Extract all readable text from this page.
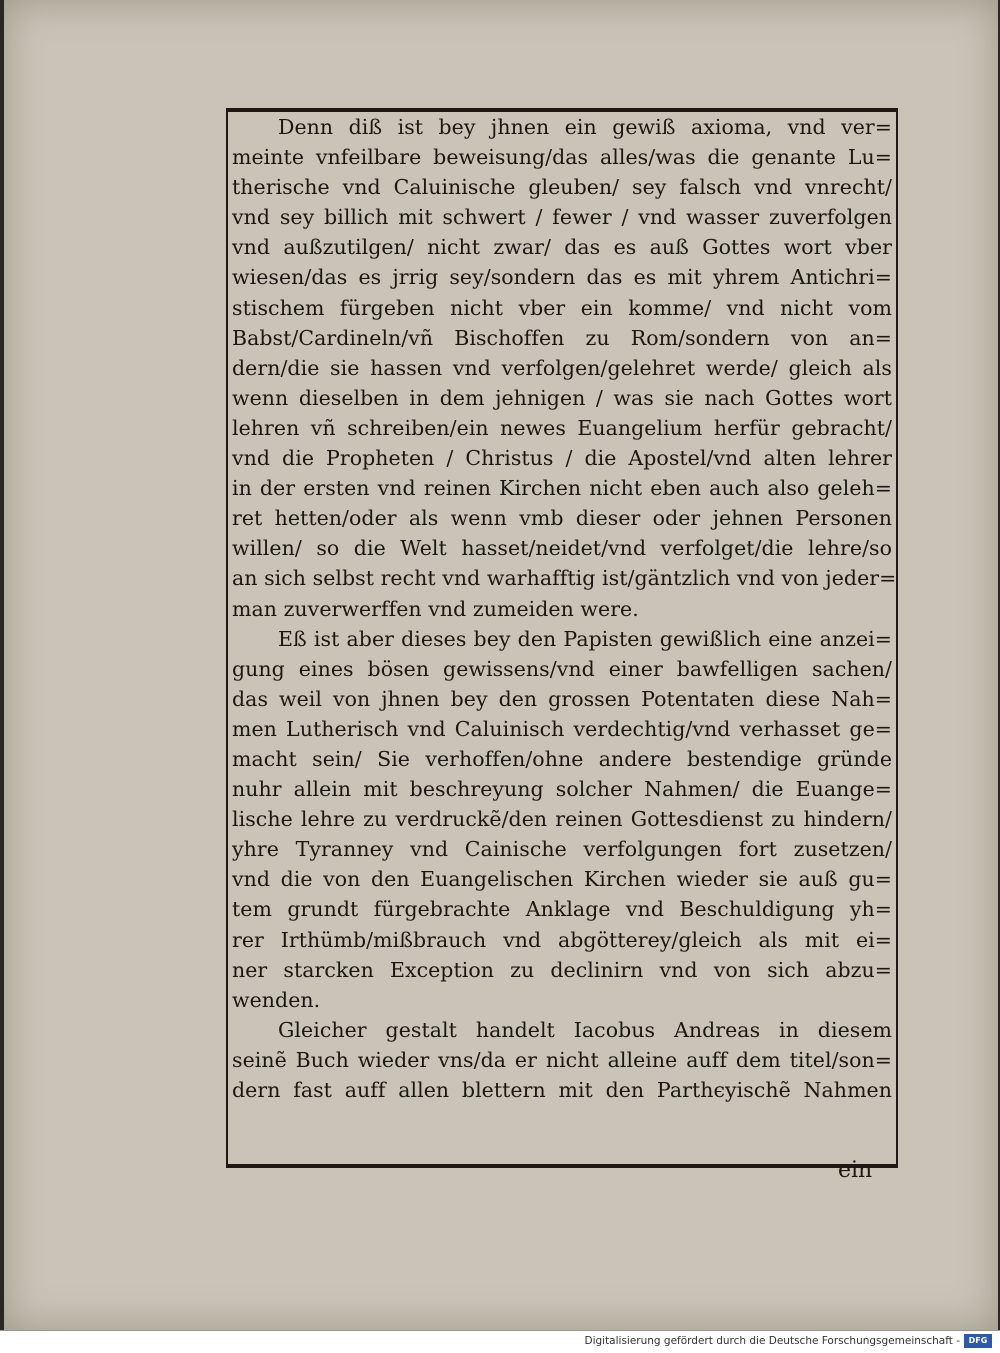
Denn diß ist bey jhnen ein gewiß axioma, vnd ver=
meinte vnfeilbare beweisung/das alles/was die genante Lu=
therische vnd Caluinische gleuben/ sey falsch vnd vnrecht/
vnd sey billich mit schwert / fewer / vnd wasser zuverfolgen
vnd außzutilgen/ nicht zwar/ das es auß Gottes wort vber
wiesen/das es jrrig sey/sondern das es mit yhrem Antichri=
stischem fürgeben nicht vber ein komme/ vnd nicht vom
Babst/Cardineln/vñ Bischoffen zu Rom/sondern von an=
dern/die sie hassen vnd verfolgen/gelehret werde/ gleich als
wenn dieselben in dem jehnigen / was sie nach Gottes wort
lehren vñ schreiben/ein newes Euangelium herfür gebracht/
vnd die Propheten / Christus / die Apostel/vnd alten lehrer
in der ersten vnd reinen Kirchen nicht eben auch also geleh=
ret hetten/oder als wenn vmb dieser oder jehnen Personen
willen/ so die Welt hasset/neidet/vnd verfolget/die lehre/so
an sich selbst recht vnd warhafftig ist/gäntzlich vnd von jeder=
man zuverwerffen vnd zumeiden were.
Eß ist aber dieses bey den Papisten gewißlich eine anzei=
gung eines bösen gewissens/vnd einer bawfelligen sachen/
das weil von jhnen bey den grossen Potentaten diese Nah=
men Lutherisch vnd Caluinisch verdechtig/vnd verhasset ge=
macht sein/ Sie verhoffen/ohne andere bestendige gründe
nuhr allein mit beschreyung solcher Nahmen/ die Euange=
lische lehre zu verdruckẽ/den reinen Gottesdienst zu hindern/
yhre Tyranney vnd Cainische verfolgungen fort zusetzen/
vnd die von den Euangelischen Kirchen wieder sie auß gu=
tem grundt fürgebrachte Anklage vnd Beschuldigung yh=
rer Irthümb/mißbrauch vnd abgötterey/gleich als mit ei=
ner starcken Exception zu declinirn vnd von sich abzu=
wenden.
Gleicher gestalt handelt Iacobus Andreas in diesem
seinẽ Buch wieder vns/da er nicht alleine auff dem titel/son=
dern fast auff allen blettern mit den Parthєyischẽ Nahmen
ein
Digitalisierung gefördert durch die Deutsche Forschungsgemeinschaft -	DFG
